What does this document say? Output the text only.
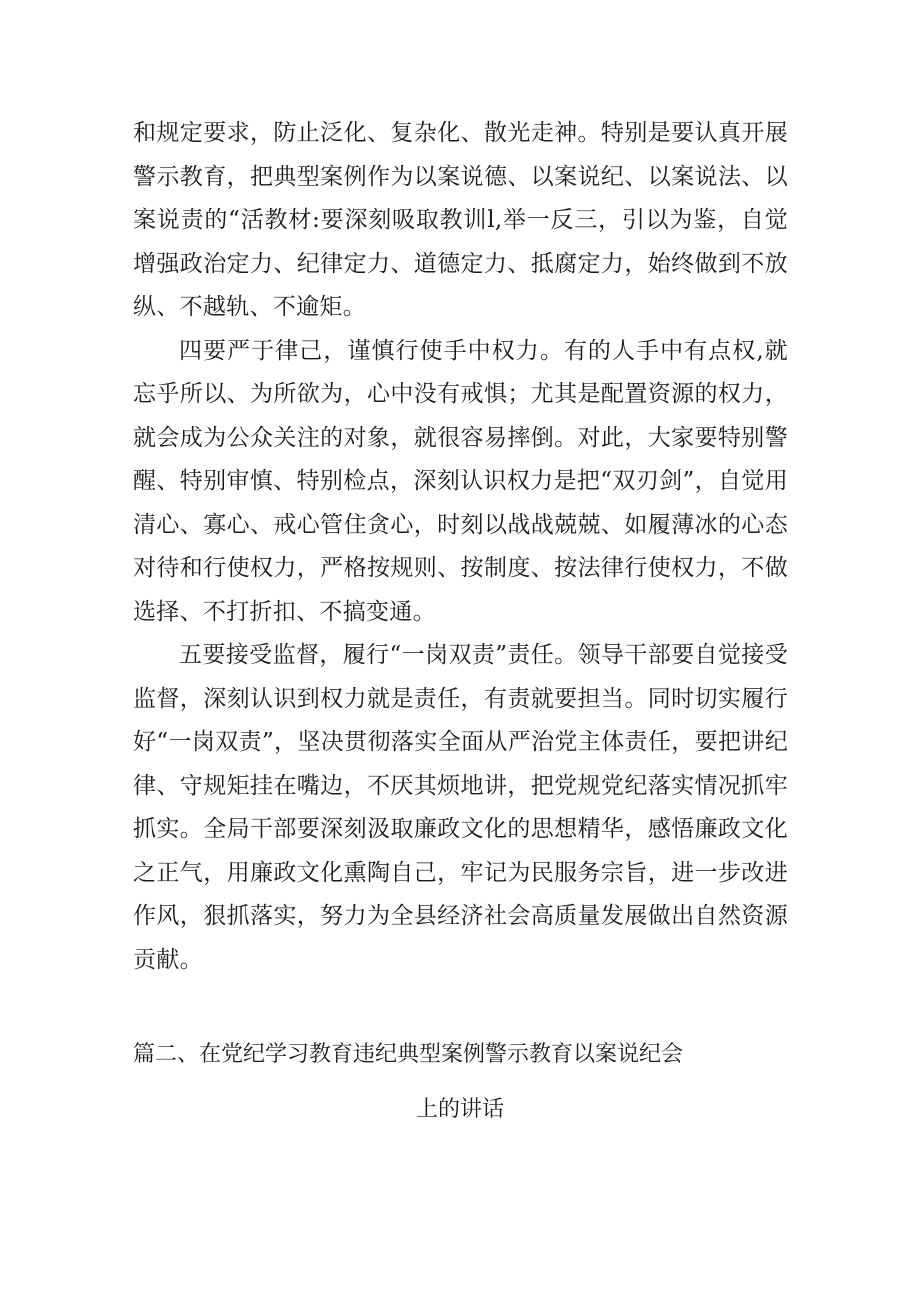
和规定要求，防止泛化、复杂化、散光走神。特别是要认真开展警示教育，把典型案例作为以案说德、以案说纪、以案说法、以案说责的“活教材:要深刻吸取教训l,举一反三，引以为鉴，自觉增强政治定力、纪律定力、道德定力、抵腐定力，始终做到不放纵、不越轨、不逾矩。

四要严于律己，谨慎行使手中权力。有的人手中有点权,就忘乎所以、为所欲为，心中没有戒惧；尤其是配置资源的权力，就会成为公众关注的对象，就很容易摔倒。对此，大家要特别警醒、特别审慎、特别检点，深刻认识权力是把“双刃剑”，自觉用清心、寡心、戒心管住贪心，时刻以战战兢兢、如履薄冰的心态对待和行使权力，严格按规则、按制度、按法律行使权力，不做选择、不打折扣、不搞变通。

五要接受监督，履行“一岗双责”责任。领导干部要自觉接受监督，深刻认识到权力就是责任，有责就要担当。同时切实履行好“一岗双责”，坚决贯彻落实全面从严治党主体责任，要把讲纪律、守规矩挂在嘴边，不厌其烦地讲，把党规党纪落实情况抓牢抓实。全局干部要深刻汲取廉政文化的思想精华，感悟廉政文化之正气，用廉政文化熏陶自己，牢记为民服务宗旨，进一步改进作风，狠抓落实，努力为全县经济社会高质量发展做出自然资源贡献。

篇二、在党纪学习教育违纪典型案例警示教育以案说纪会
上的讲话
